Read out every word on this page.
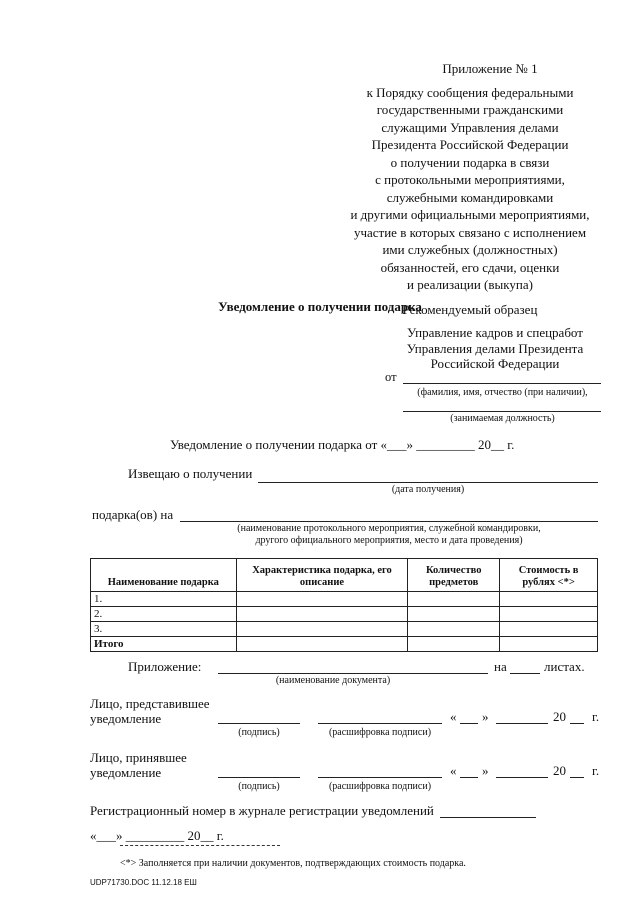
Приложение № 1
к Порядку сообщения федеральными
государственными гражданскими
служащими Управления делами
Президента Российской Федерации
о получении подарка в связи
с протокольными мероприятиями,
служебными командировками
и другими официальными мероприятиями,
участие в которых связано с исполнением
ими служебных (должностных)
обязанностей, его сдачи, оценки
и реализации (выкупа)
Рекомендуемый образец
Уведомление о получении подарка
Управление кадров и спецработ
Управления делами Президента
Российской Федерации
от
(фамилия, имя, отчество (при наличии),
(занимаемая должность)
Уведомление о получении подарка от «___» _________ 20__ г.
Извещаю о получении
(дата получения)
подарка(ов) на
(наименование протокольного мероприятия, служебной командировки,
другого официального мероприятия, место и дата проведения)
Наименование подарка	Характеристика подарка, его описание	Количество предметов	Стоимость в рублях <*>
1.			
2.			
3.			
Итого			
Приложение:	на	листах.
(наименование документа)
Лицо, представившее
уведомление
(подпись)	(расшифровка подписи)
« »	20 г.
Лицо, принявшее
уведомление
(подпись)	(расшифровка подписи)
« »	20 г.
Регистрационный номер в журнале регистрации уведомлений
«___» _________ 20__ г.
<*> Заполняется при наличии документов, подтверждающих стоимость подарка.
UDP71730.DOC 11.12.18 ЕШ
